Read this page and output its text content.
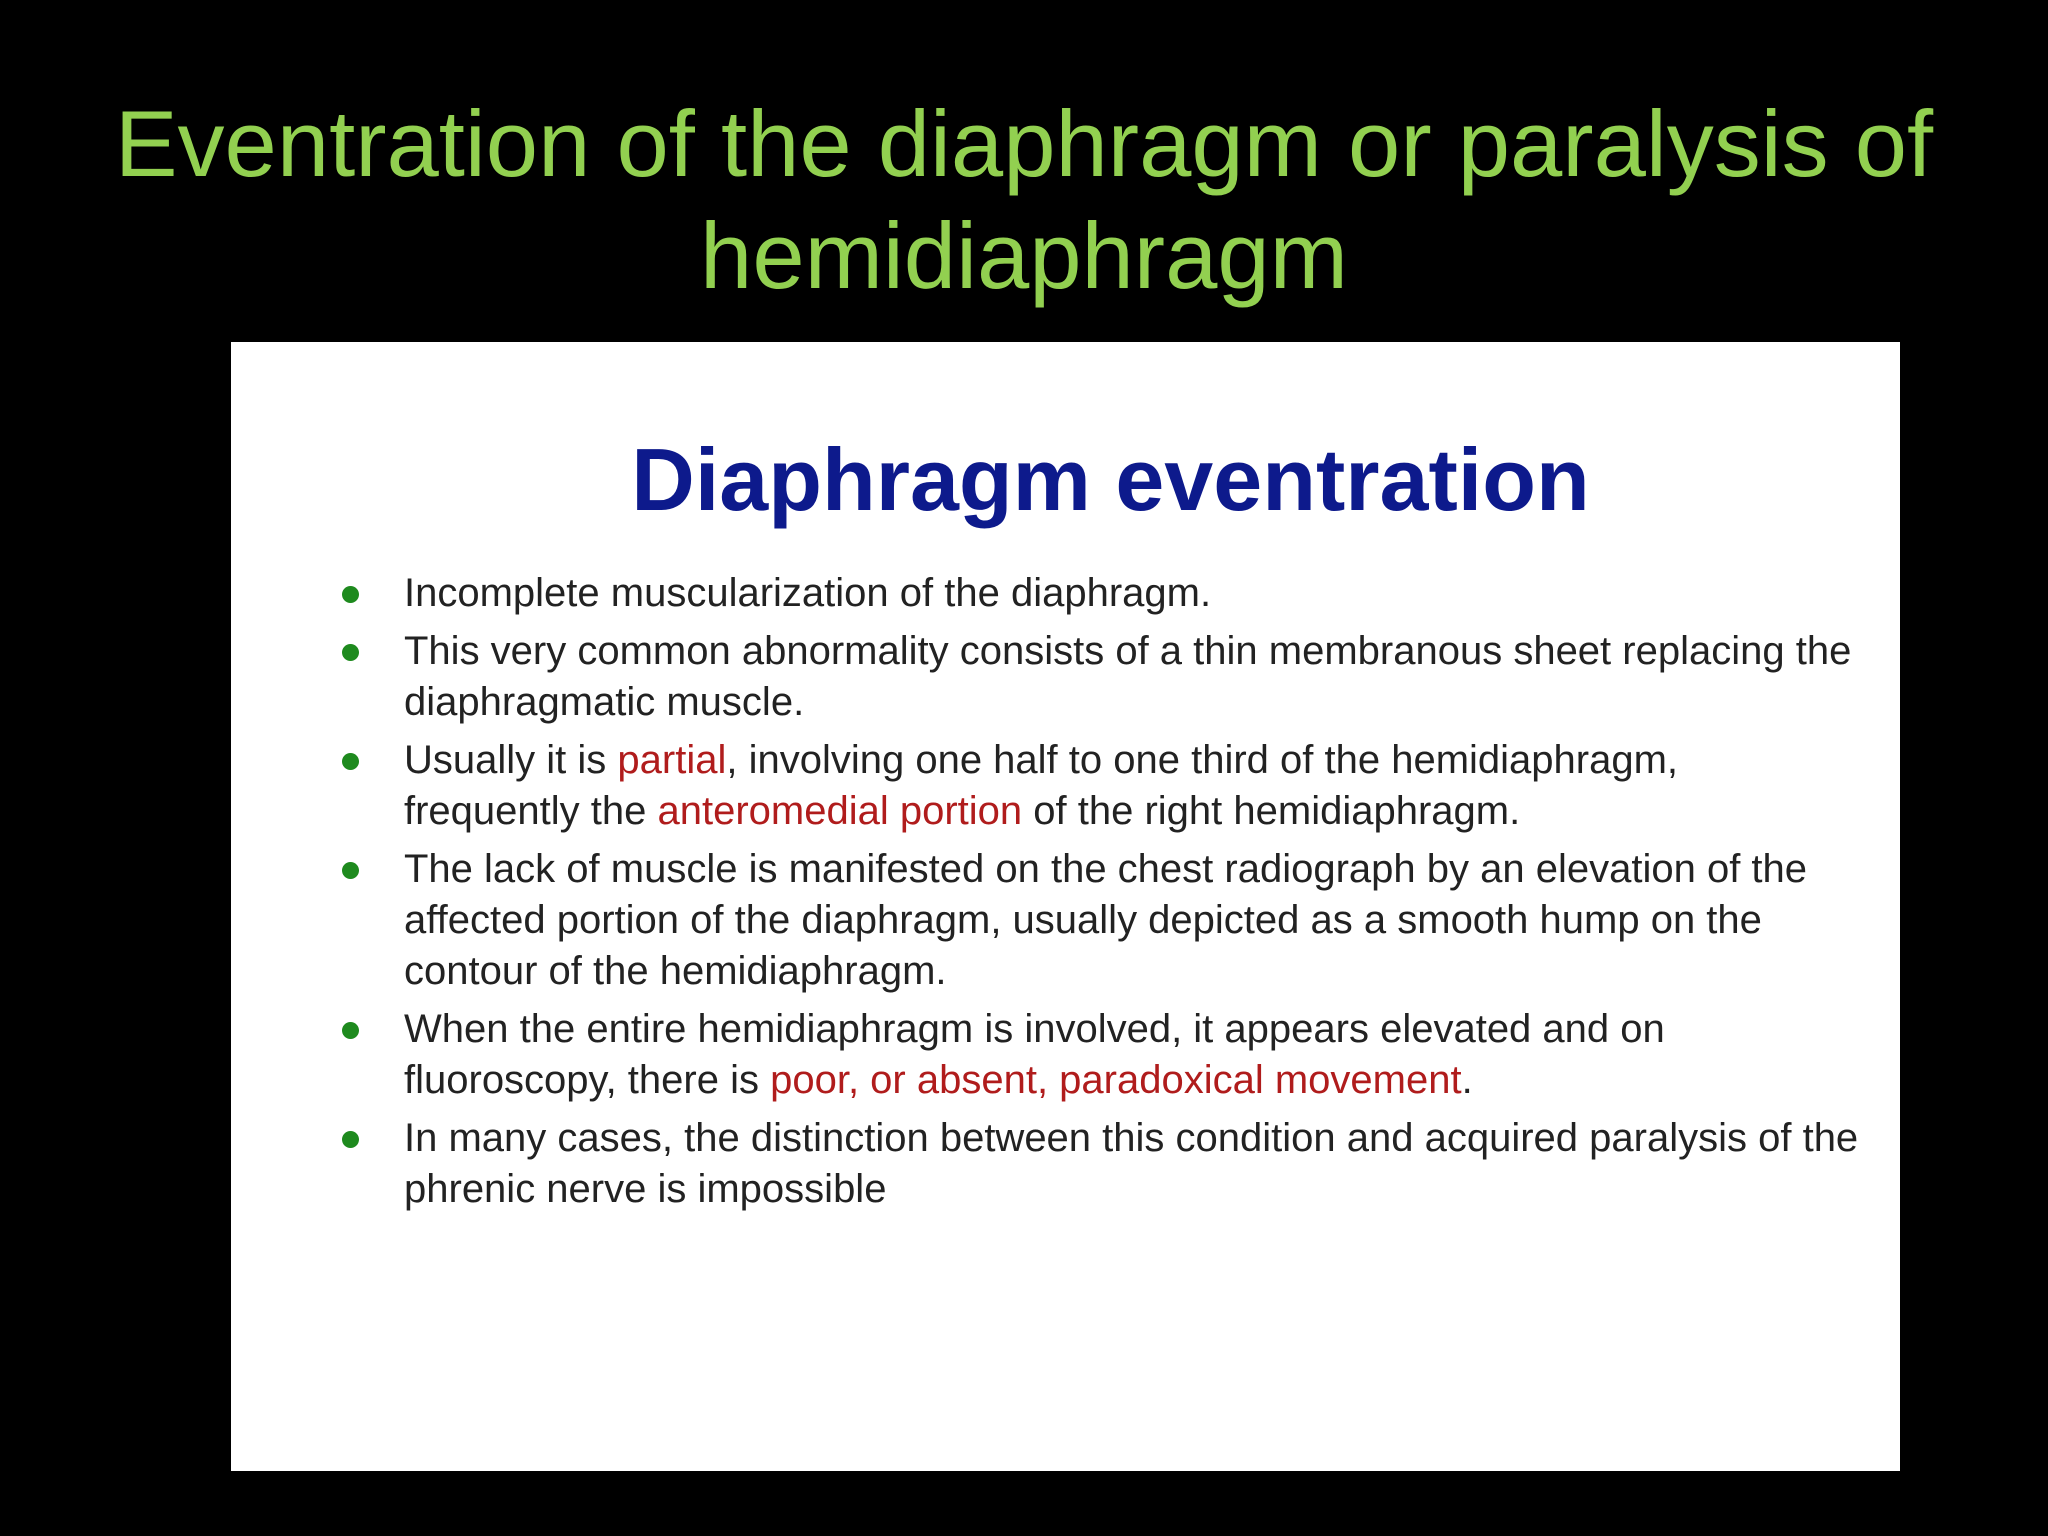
Eventration of the diaphragm or paralysis of hemidiaphragm
Diaphragm eventration
Incomplete muscularization of the diaphragm.
This very common abnormality consists of a thin membranous sheet replacing the diaphragmatic muscle.
Usually it is partial, involving one half to one third of the hemidiaphragm, frequently the anteromedial portion of the right hemidiaphragm.
The lack of muscle is manifested on the chest radiograph by an elevation of the affected portion of the diaphragm, usually depicted as a smooth hump on the contour of the hemidiaphragm.
When the entire hemidiaphragm is involved, it appears elevated and on fluoroscopy, there is poor, or absent, paradoxical movement.
In many cases, the distinction between this condition and acquired paralysis of the phrenic nerve is impossible
